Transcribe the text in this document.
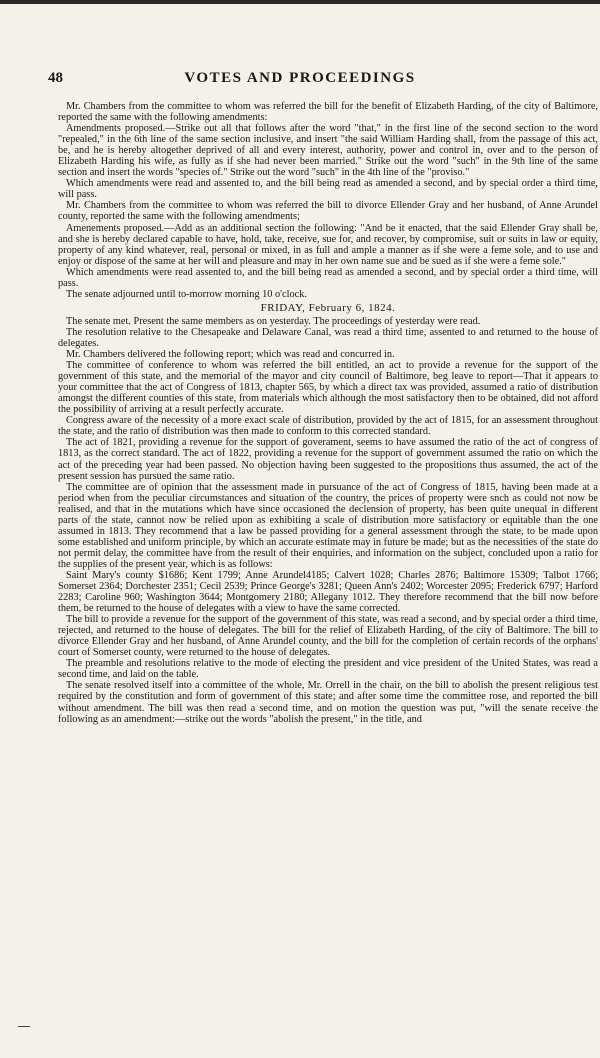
48	VOTES AND PROCEEDINGS

Mr. Chambers from the committee to whom was referred the bill for the benefit of Elizabeth Harding, of the city of Baltimore, reported the same with the following amendments:

Amendments proposed.—Strike out all that follows after the word "that," in the first line of the second section to the word "repealed," in the 6th line of the same section inclusive, and insert "the said William Harding shall, from the passage of this act, be, and he is hereby altogether deprived of all and every interest, authority, power and control in, over and to the person of Elizabeth Harding his wife, as fully as if she had never been married." Strike out the word "such" in the 9th line of the same section and insert the words "species of." Strike out the word "such" in the 4th line of the "proviso."

Which amendments were read and assented to, and the bill being read as amended a second, and by special order a third time, will pass.

Mr. Chambers from the committee to whom was referred the bill to divorce Ellender Gray and her husband, of Anne Arundel county, reported the same with the following amendments;

Amenements proposed.—Add as an additional section the following: "And be it enacted, that the said Ellender Gray shall be, and she is hereby declared capable to have, hold, take, receive, sue for, and recover, by compromise, suit or suits in law or equity, property of any kind whatever, real, personal or mixed, in as full and ample a manner as if she were a feme sole, and to use and enjoy or dispose of the same at her will and pleasure and may in her own name sue and be sued as if she were a feme sole."

Which amendments were read assented to, and the bill being read as amended a second, and by special order a third time, will pass.

The senate adjourned until to-morrow morning 10 o'clock.

FRIDAY, February 6, 1824.

The senate met. Present the same members as on yesterday. The proceedings of yesterday were read.

The resolution relative to the Chesapeake and Delaware Canal, was read a third time, assented to and returned to the house of delegates.

Mr. Chambers delivered the following report; which was read and concurred in.

The committee of conference to whom was referred the bill entitled, an act to provide a revenue for the support of the government of this state, and the memorial of the mayor and city council of Baltimore, beg leave to report—That it appears to your committee that the act of Congress of 1813, chapter 565, by which a direct tax was provided, assumed a ratio of distribution amongst the different counties of this state, from materials which although the most satisfactory then to be obtained, did not afford the possibility of arriving at a result perfectly accurate.

Congress aware of the necessity of a more exact scale of distribution, provided by the act of 1815, for an assessment throughout the state, and the ratio of distribution was then made to conform to this corrected standard.

The act of 1821, providing a revenue for the support of goverament, seems to have assumed the ratio of the act of congress of 1813, as the correct standard. The act of 1822, providing a revenue for the support of government assumed the ratio on which the act of the preceding year had been passed. No objection having been suggested to the propositions thus assumed, the act of the present session has pursued the same ratio.

The committee are of opinion that the assessment made in pursuance of the act of Congress of 1815, having been made at a period when from the peculiar circumstances and situation of the country, the prices of property were snch as could not now be realised, and that in the mutations which have since occasioned the declension of property, has been quite unequal in different parts of the state, cannot now be relied upon as exhibiting a scale of distribution more satisfactory or equitable than the one assumed in 1813. They recommend that a law be passed providing for a general assessment through the state, to be made upon some established and uniform principle, by which an accurate estimate may in future be made; but as the necessities of the state do not permit delay, the committee have from the result of their enquiries, and information on the subject, concluded upon a ratio for the supplies of the present year, which is as follows:

Saint Mary's county $1686; Kent 1799; Anne Arundel4185; Calvert 1028; Charles 2876; Baltimore 15309; Talbot 1766; Somerset 2364; Dorchester 2351; Cecil 2539; Prince George's 3281; Queen Ann's 2402; Worcester 2095; Frederick 6797; Harford 2283; Caroline 960; Washington 3644; Montgomery 2180; Allegany 1012. They therefore recommend that the bill now before them, be returned to the house of delegates with a view to have the same corrected.

The bill to provide a revenue for the support of the government of this state, was read a second, and by special order a third time, rejected, and returned to the house of delegates. The bill for the relief of Elizabeth Harding, of the city of Baltimore. The bill to divorce Ellender Gray and her husband, of Anne Arundel county, and the bill for the completion of certain records of the orphans' court of Somerset county, were returned to the house of delegates.

The preamble and resolutions relative to the mode of electing the president and vice president of the United States, was read a second time, and laid on the table.

The senate resolved itself into a committee of the whole, Mr. Orrell in the chair, on the bill to abolish the present religious test required by the constitution and form of government of this state; and after some time the committee rose, and reported the bill without amendment. The bill was then read a second time, and on motion the question was put, "will the senate receive the following as an amendment:—strike out the words "abolish the present," in the title, and
